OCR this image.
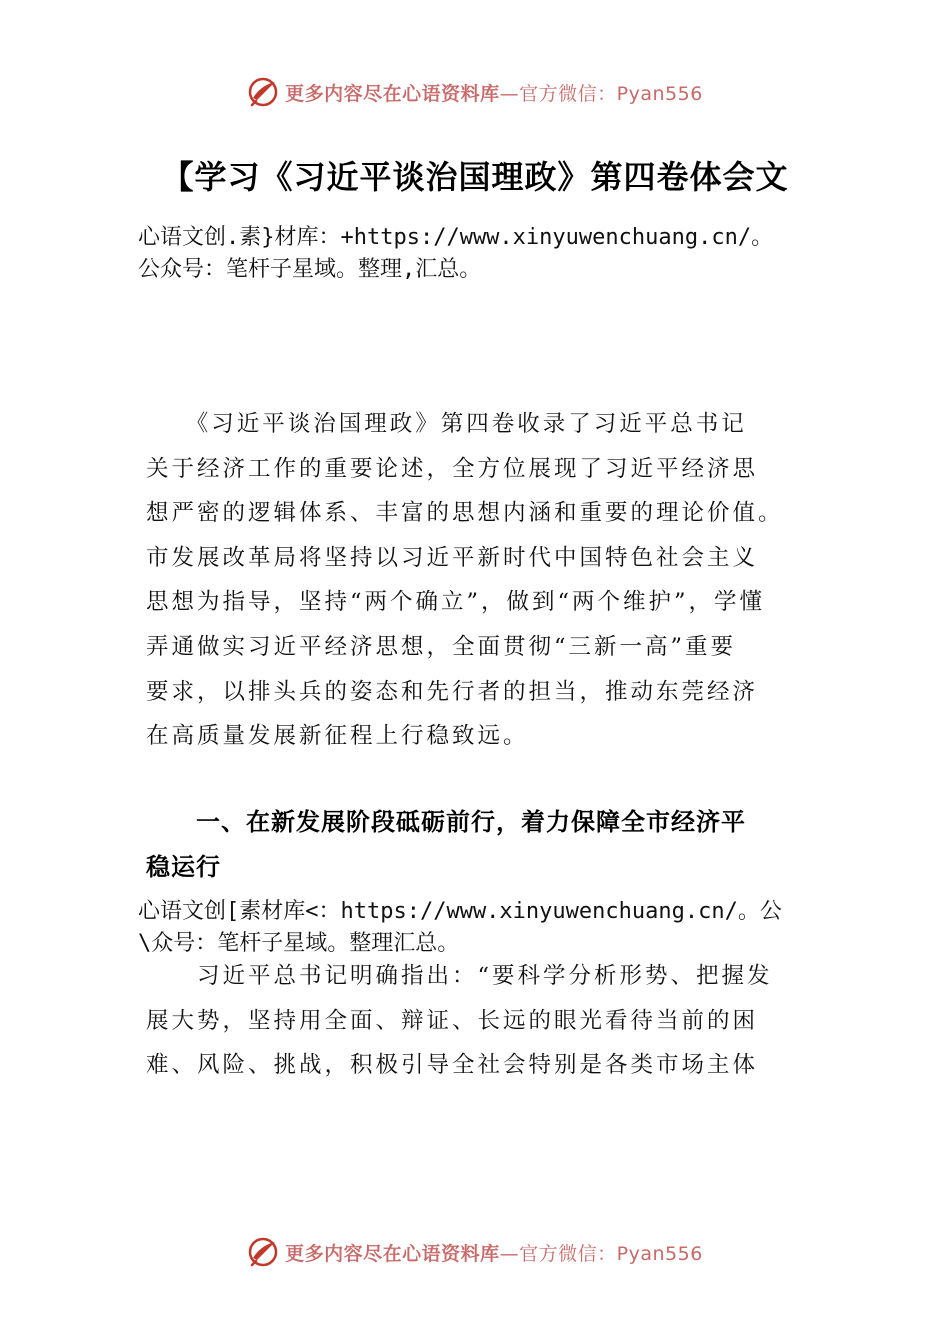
更多内容尽在心语资料库—官方微信：Pyan556
【学习《习近平谈治国理政》第四卷体会文
心语文创.素}材库：+https://www.xinyuwenchuang.cn/。
公众号：笔杆子星域。整理,汇总。
　　《习近平谈治国理政》第四卷收录了习近平总书记
关于经济工作的重要论述，全方位展现了习近平经济思
想严密的逻辑体系、丰富的思想内涵和重要的理论价值。
市发展改革局将坚持以习近平新时代中国特色社会主义
思想为指导，坚持“两个确立”，做到“两个维护”，学懂
弄通做实习近平经济思想，全面贯彻“三新一高”重要
要求，以排头兵的姿态和先行者的担当，推动东莞经济
在高质量发展新征程上行稳致远。
　　一、在新发展阶段砥砺前行，着力保障全市经济平
稳运行
心语文创[素材库<：https://www.xinyuwenchuang.cn/。公
\众号：笔杆子星域。整理汇总。
　　习近平总书记明确指出：“要科学分析形势、把握发
展大势，坚持用全面、辩证、长远的眼光看待当前的困
难、风险、挑战，积极引导全社会特别是各类市场主体
更多内容尽在心语资料库—官方微信：Pyan556
